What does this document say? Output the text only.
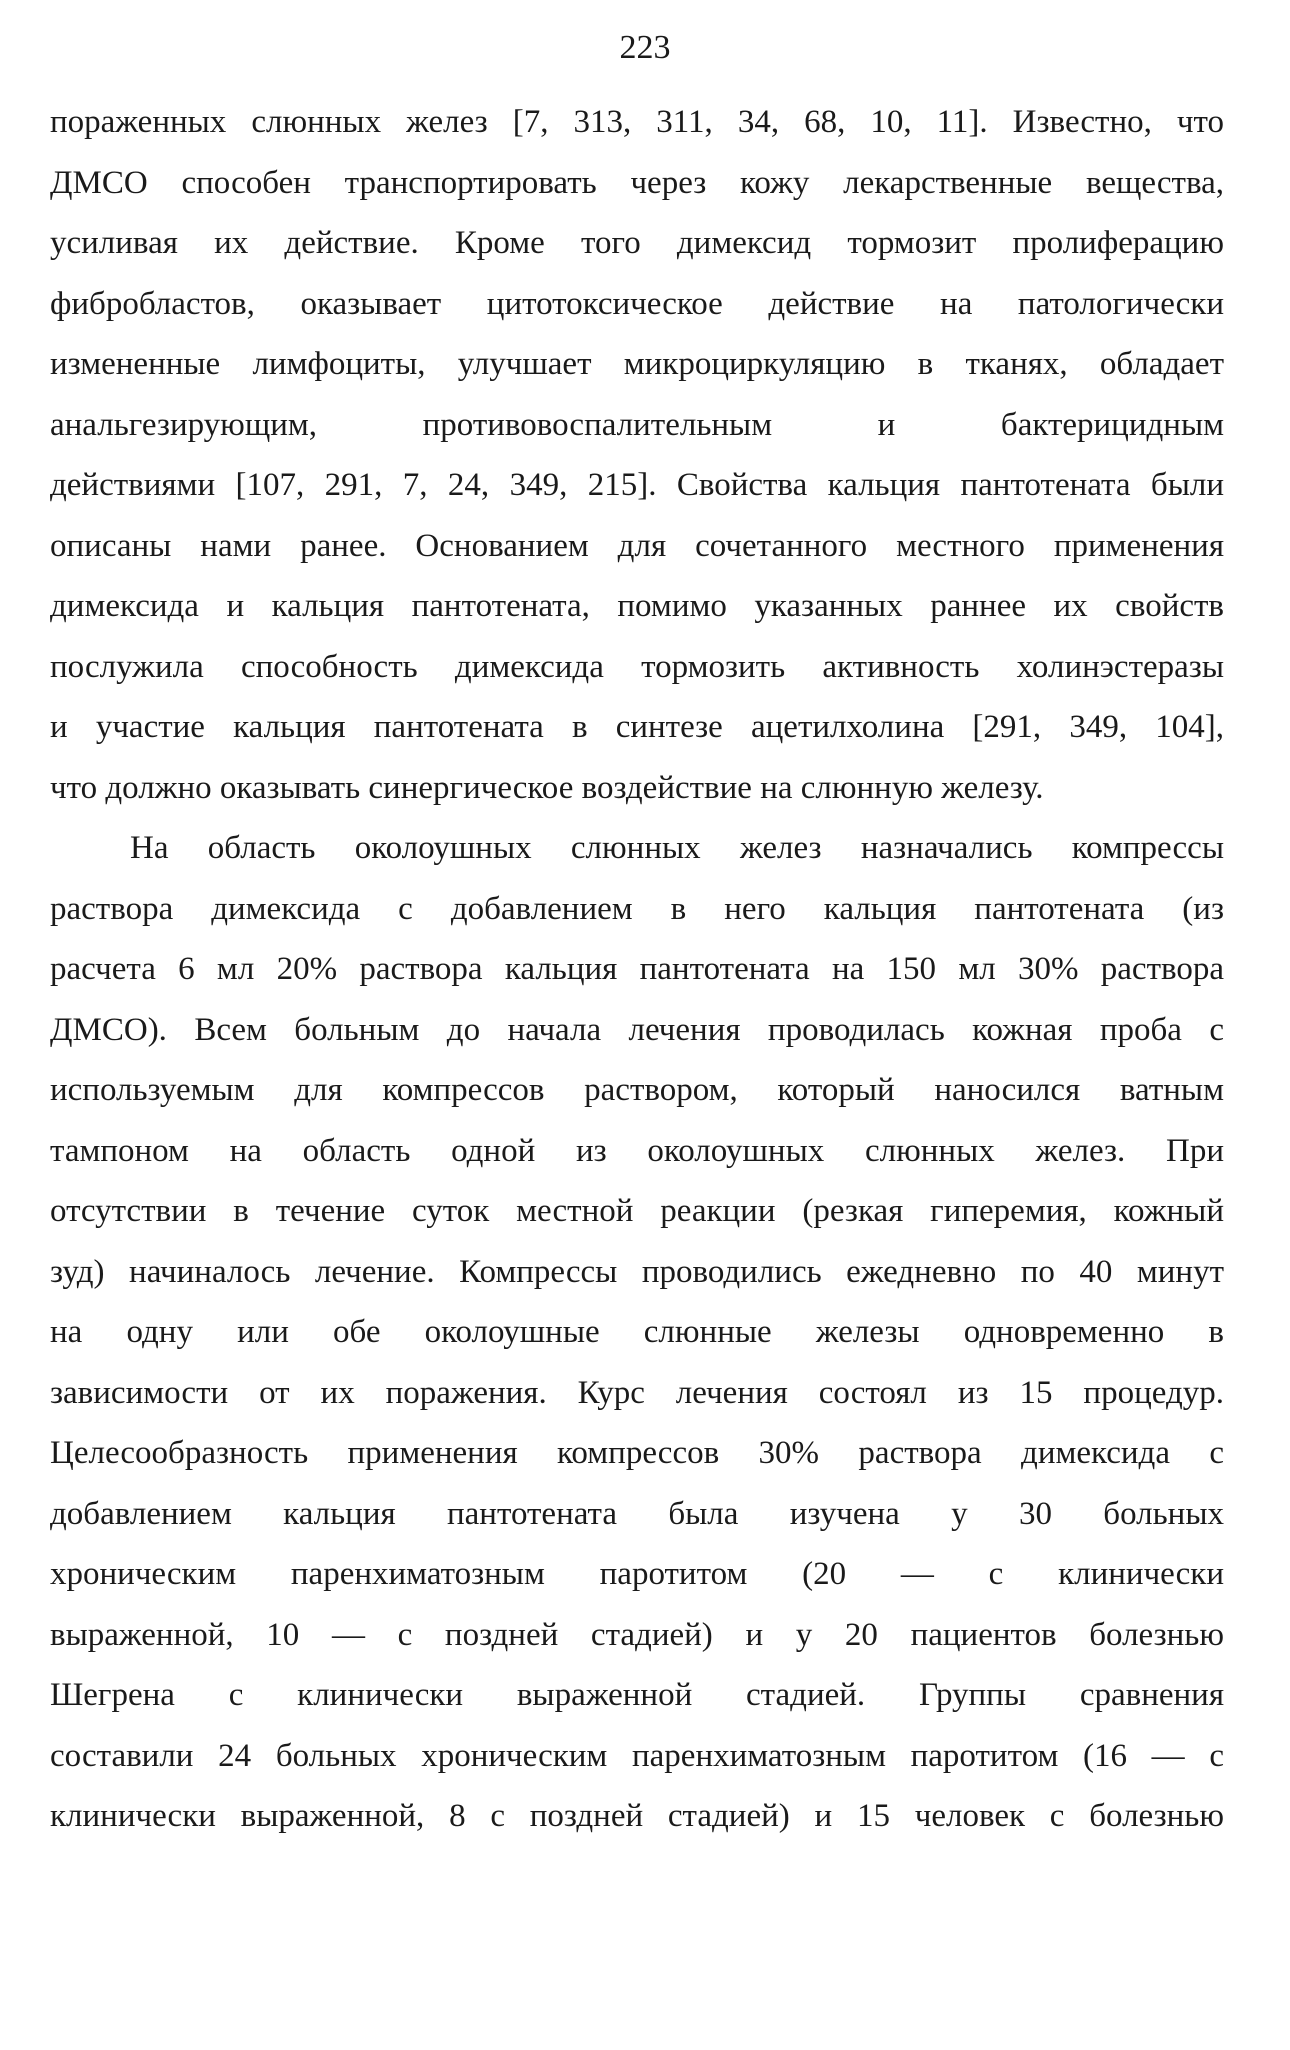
223
пораженных слюнных желез [7, 313, 311, 34, 68, 10, 11]. Известно, что
ДМСО способен транспортировать через кожу лекарственные вещества,
усиливая их действие. Кроме того димексид тормозит пролиферацию
фибробластов, оказывает цитотоксическое действие на патологически
измененные лимфоциты, улучшает микроциркуляцию в тканях, обладает
анальгезирующим, противовоспалительным и бактерицидным
действиями [107, 291, 7, 24, 349, 215]. Свойства кальция пантотената были
описаны нами ранее. Основанием для сочетанного местного применения
димексида и кальция пантотената, помимо указанных раннее их свойств
послужила способность димексида тормозить активность холинэстеразы
и участие кальция пантотената в синтезе ацетилхолина [291, 349, 104],
что должно оказывать синергическое воздействие на слюнную железу.
На область околоушных слюнных желез назначались компрессы
раствора димексида с добавлением в него кальция пантотената (из
расчета 6 мл 20% раствора кальция пантотената на 150 мл 30% раствора
ДМСО). Всем больным до начала лечения проводилась кожная проба с
используемым для компрессов раствором, который наносился ватным
тампоном на область одной из околоушных слюнных желез. При
отсутствии в течение суток местной реакции (резкая гиперемия, кожный
зуд) начиналось лечение. Компрессы проводились ежедневно по 40 минут
на одну или обе околоушные слюнные железы одновременно в
зависимости от их поражения. Курс лечения состоял из 15 процедур.
Целесообразность применения компрессов 30% раствора димексида с
добавлением кальция пантотената была изучена у 30 больных
хроническим паренхиматозным паротитом (20 — с клинически
выраженной, 10 — с поздней стадией) и у 20 пациентов болезнью
Шегрена с клинически выраженной стадией. Группы сравнения
составили 24 больных хроническим паренхиматозным паротитом (16 — с
клинически выраженной, 8 с поздней стадией) и 15 человек с болезнью
